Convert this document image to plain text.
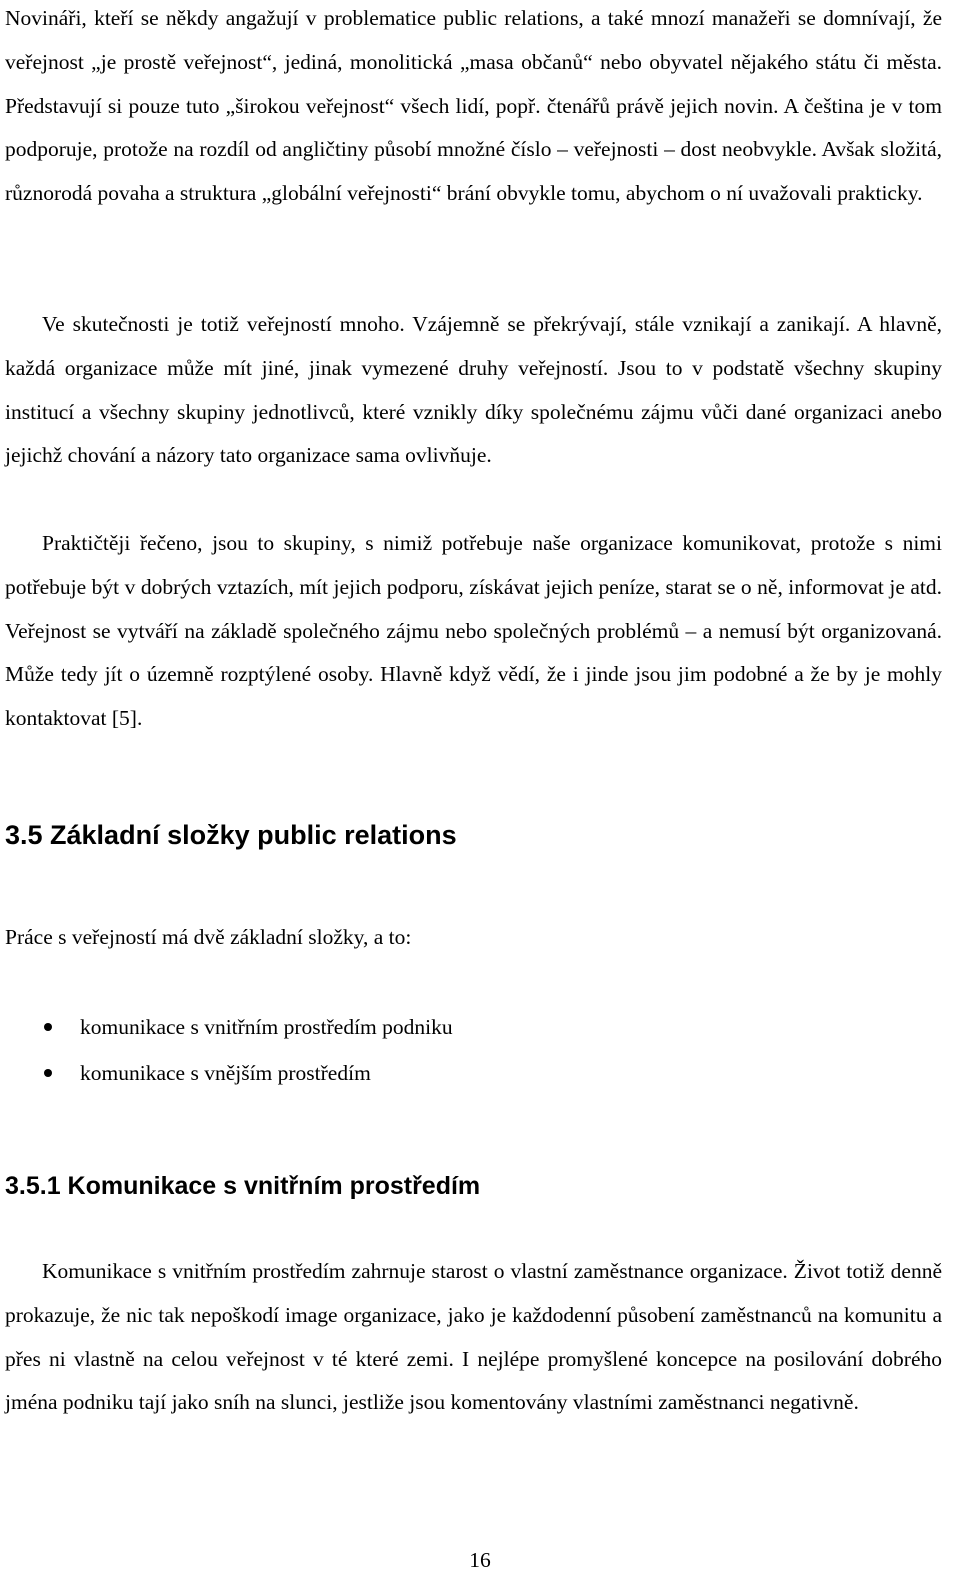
Novináři, kteří se někdy angažují v problematice public relations, a také mnozí manažeři se domnívají, že veřejnost „je prostě veřejnost“, jediná, monolitická „masa občanů“ nebo obyvatel nějakého státu či města. Představují si pouze tuto „širokou veřejnost“ všech lidí, popř. čtenářů právě jejich novin. A čeština je v tom podporuje, protože na rozdíl od angličtiny působí množné číslo – veřejnosti – dost neobvykle. Avšak složitá, různorodá povaha a struktura „globální veřejnosti“ brání obvykle tomu, abychom o ní uvažovali prakticky.

Ve skutečnosti je totiž veřejností mnoho. Vzájemně se překrývají, stále vznikají a zanikají. A hlavně, každá organizace může mít jiné, jinak vymezené druhy veřejností. Jsou to v podstatě všechny skupiny institucí a všechny skupiny jednotlivců, které vznikly díky společnému zájmu vůči dané organizaci anebo jejichž chování a názory tato organizace sama ovlivňuje.

Praktičtěji řečeno, jsou to skupiny, s nimiž potřebuje naše organizace komunikovat, protože s nimi potřebuje být v dobrých vztazích, mít jejich podporu, získávat jejich peníze, starat se o ně, informovat je atd. Veřejnost se vytváří na základě společného zájmu nebo společných problémů – a nemusí být organizovaná. Může tedy jít o územně rozptýlené osoby. Hlavně když vědí, že i jinde jsou jim podobné a že by je mohly kontaktovat [5].

3.5 Základní složky public relations

Práce s veřejností má dvě základní složky, a to:

komunikace s vnitřním prostředím podniku
komunikace s vnějším prostředím
3.5.1 Komunikace s vnitřním prostředím

Komunikace s vnitřním prostředím zahrnuje starost o vlastní zaměstnance organizace. Život totiž denně prokazuje, že nic tak nepoškodí image organizace, jako je každodenní působení zaměstnanců na komunitu a přes ni vlastně na celou veřejnost v té které zemi. I nejlépe promyšlené koncepce na posilování dobrého jména podniku tají jako sníh na slunci, jestliže jsou komentovány vlastními zaměstnanci negativně.

16
